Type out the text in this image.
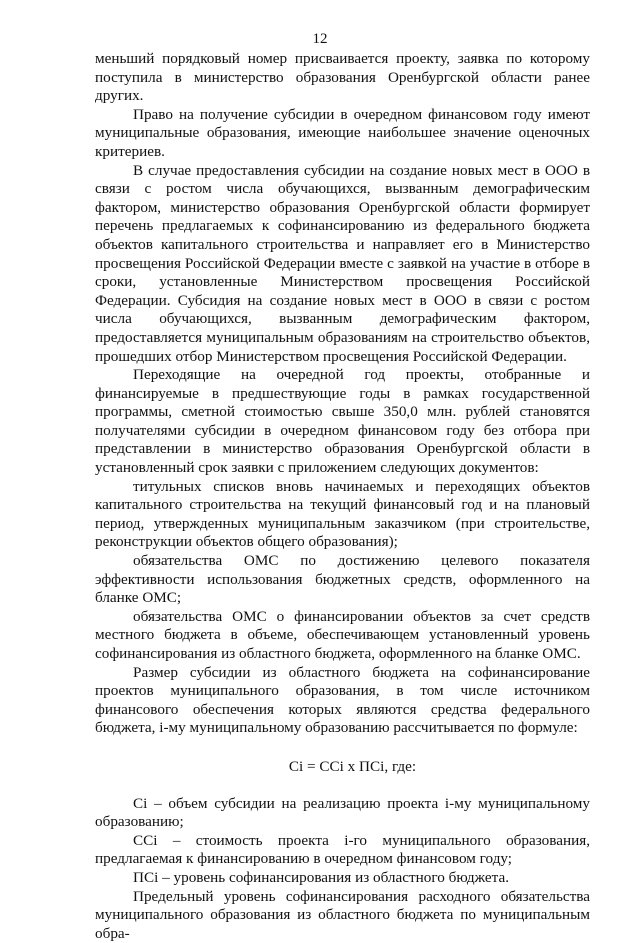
12

меньший порядковый номер присваивается проекту, заявка по которому поступила в министерство образования Оренбургской области ранее других.

Право на получение субсидии в очередном финансовом году имеют муниципальные образования, имеющие наибольшее значение оценочных критериев.

В случае предоставления субсидии на создание новых мест в ООО в связи с ростом числа обучающихся, вызванным демографическим фактором, министерство образования Оренбургской области формирует перечень предлагаемых к софинансированию из федерального бюджета объектов капитального строительства и направляет его в Министерство просвещения Российской Федерации вместе с заявкой на участие в отборе в сроки, установленные Министерством просвещения Российской Федерации. Субсидия на создание новых мест в ООО в связи с ростом числа обучающихся, вызванным демографическим фактором, предоставляется муниципальным образованиям на строительство объектов, прошедших отбор Министерством просвещения Российской Федерации.

Переходящие на очередной год проекты, отобранные и финансируемые в предшествующие годы в рамках государственной программы, сметной стоимостью свыше 350,0 млн. рублей становятся получателями субсидии в очередном финансовом году без отбора при представлении в министерство образования Оренбургской области в установленный срок заявки с приложением следующих документов:

титульных списков вновь начинаемых и переходящих объектов капитального строительства на текущий финансовый год и на плановый период, утвержденных муниципальным заказчиком (при строительстве, реконструкции объектов общего образования);

обязательства ОМС по достижению целевого показателя эффективности использования бюджетных средств, оформленного на бланке ОМС;

обязательства ОМС о финансировании объектов за счет средств местного бюджета в объеме, обеспечивающем установленный уровень софинансирования из областного бюджета, оформленного на бланке ОМС.

Размер субсидии из областного бюджета на софинансирование проектов муниципального образования, в том числе источником финансового обеспечения которых являются средства федерального бюджета, i-му муниципальному образованию рассчитывается по формуле:

Ci = CCi x ПCi, где:

Ci – объем субсидии на реализацию проекта i-му муниципальному образованию;

CCi – стоимость проекта i-го муниципального образования, предлагаемая к финансированию в очередном финансовом году;

ПCi – уровень софинансирования из областного бюджета.

Предельный уровень софинансирования расходного обязательства муниципального образования из областного бюджета по муниципальным обра-
